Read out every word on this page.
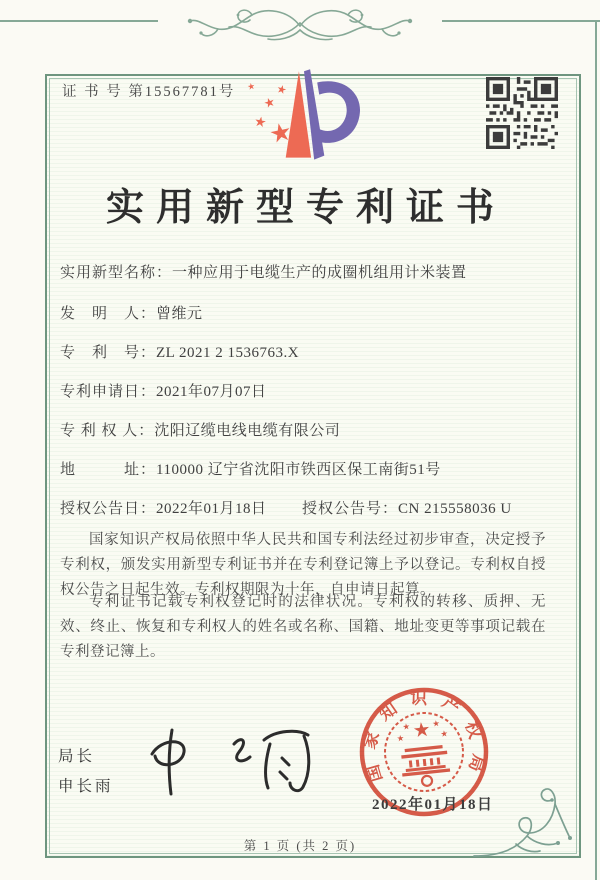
证 书 号 第15567781号
实用新型专利证书
实用新型名称：一种应用于电缆生产的成圈机组用计米装置
发　明　人：曾维元
专　利　号：ZL 2021 2 1536763.X
专利申请日：2021年07月07日
专 利 权 人：沈阳辽缆电线电缆有限公司
地　　　址：110000 辽宁省沈阳市铁西区保工南街51号
授权公告日：2022年01月18日 授权公告号：CN 215558036 U
国家知识产权局依照中华人民共和国专利法经过初步审查，决定授予专利权，颁发实用新型专利证书并在专利登记簿上予以登记。专利权自授权公告之日起生效。专利权期限为十年，自申请日起算。
专利证书记载专利权登记时的法律状况。专利权的转移、质押、无效、终止、恢复和专利权人的姓名或名称、国籍、地址变更等事项记载在专利登记簿上。
局长
申长雨
国家知识产权局
2022年01月18日
第 1 页 (共 2 页)
